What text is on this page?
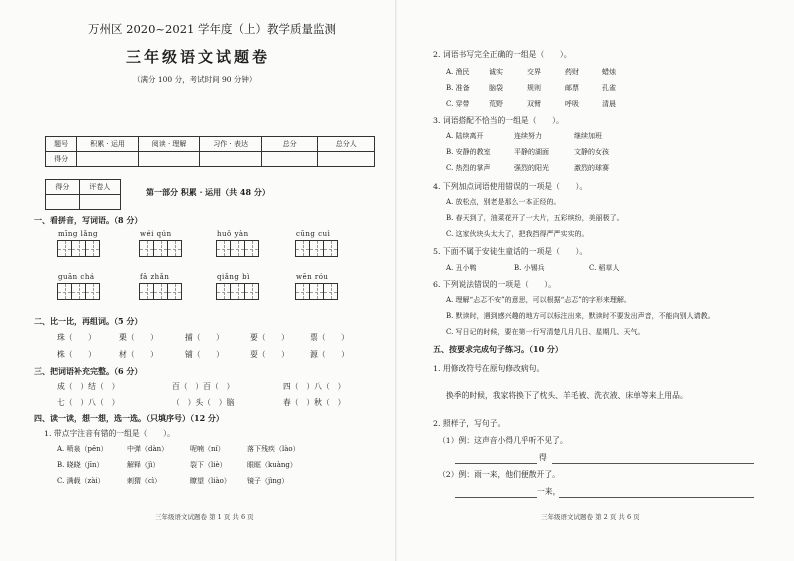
万州区 2020~2021 学年度（上）教学质量监测
三年级语文试题卷
（满分 100 分，考试时间 90 分钟）
题号	积累 · 运用	阅读 · 理解	习作 · 表达	总分	总分人
得分					
得分	评卷人
		第一部分 积累 · 运用（共 48 分）
一、看拼音，写词语。（8 分）
mīng lǎng	wéi qún	huǒ yàn	cūng cuì
guān chá	fā zhǎn	qiǎng bì	wēn róu
二、比一比，再组词。（5 分）
珠（　　）	栗（　　）	捕（　　）	要（　　）	票（　　）
株（　　）	材（　　）	铺（　　）	耍（　　）	源（　　）
三、把词语补充完整。（6 分）
成（　）结（　）	百（　）百（　）	四（　）八（　）
七（　）八（　）	（　）头（　）脑	春（　）秋（　）
四、读一读，想一想，选一选。（只填序号）（12 分）
1. 带点字注音有错的一组是（　　）。
A. 喷泉（pēn）	中弹（dàn）	呢喃（ní）	落下残疾（lào）
B. 晓晓（jīn）	解释（jì）	裂下（liè）	眼眶（kuàng）
C. 满载（zài）	刺猬（cì）	瞭望（liào） 镜子（jìng）
三年级语文试题卷 第 1 页 共 6 页
2. 词语书写完全正确的一组是（　　）。
A. 渔民	诚实	交界	药财	蜡烛
B. 准备	脑袋	规则	邮票	孔雀
C. 穿带	荒野	双臂	呼吸	清晨
3. 词语搭配不恰当的一组是（　　）。
A. 陆续离开	连续努力	继续加班
B. 安静的教室	平静的湖面	文静的女孩
C. 热烈的掌声	强烈的阳光	激烈的球赛
4. 下列加点词语使用错误的一项是（　　）。
A. 放松点，别老是那么一本正经的。
B. 春天到了，油菜花开了一大片，五彩缤纷，美丽极了。
C. 这家伙块头太大了，把我挡得严严实实的。
5. 下面不属于安徒生童话的一项是（　　）。
A. 丑小鸭	B. 小锡兵	C. 稻草人
6. 下列说法错误的一项是（　　）。
A. 理解“忐忑不安”的意思，可以根据“忐忑”的字形来理解。
B. 默读时，遇到感兴趣的地方可以标注出来，默读时不要发出声音，不能向别人请教。
C. 写日记的时候，要在第一行写清楚几月几日、星期几、天气。
五、按要求完成句子练习。（10 分）
1. 用修改符号在原句修改病句。
换季的时候，我家将换下了枕头、羊毛被、洗衣液、床单等来上用品。
2. 照样子，写句子。
（1）例：这声音小得几乎听不见了。
得
（2）例：雨一来，他们便散开了。
一来，
三年级语文试题卷 第 2 页 共 6 页
